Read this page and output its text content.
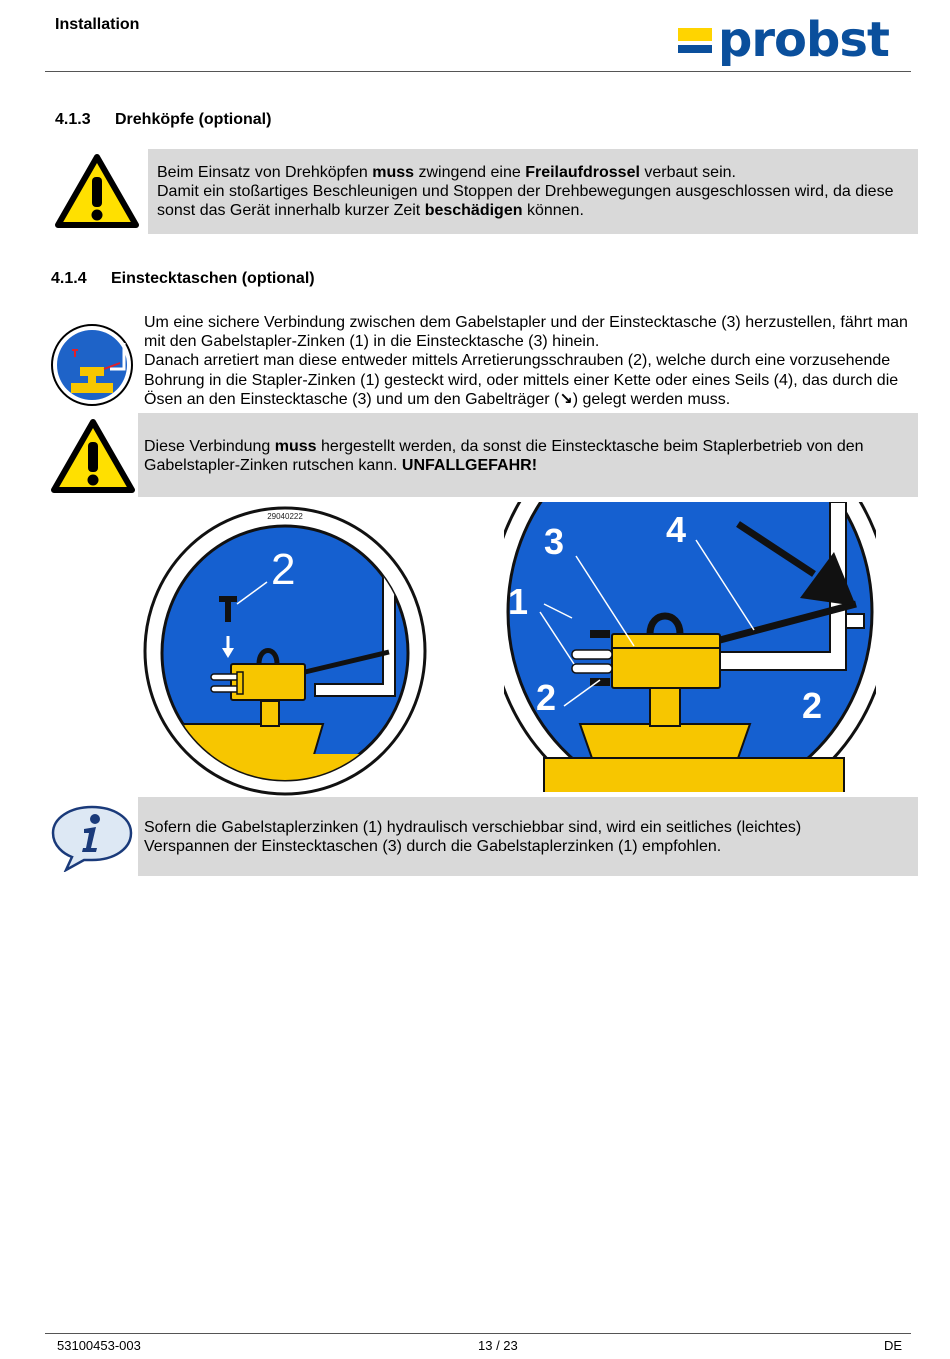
Installation	probst
4.1.3 Drehköpfe (optional)
Beim Einsatz von Drehköpfen muss zwingend eine Freilaufdrossel verbaut sein.
Damit ein stoßartiges Beschleunigen und Stoppen der Drehbewegungen ausgeschlossen wird, da diese sonst das Gerät innerhalb kurzer Zeit beschädigen können.
4.1.4 Einstecktaschen (optional)
Um eine sichere Verbindung zwischen dem Gabelstapler und der Einstecktasche (3) herzustellen, fährt man mit den Gabelstapler-Zinken (1) in die Einstecktasche (3) hinein.
Danach arretiert man diese entweder mittels Arretierungsschrauben (2), welche durch eine vorzusehende Bohrung in die Stapler-Zinken (1) gesteckt wird, oder mittels einer Kette oder eines Seils (4), das durch die Ösen an den Einstecktasche (3) und um den Gabelträger (↘) gelegt werden muss.
Diese Verbindung muss hergestellt werden, da sonst die Einstecktasche beim Staplerbetrieb von den Gabelstapler-Zinken rutschen kann. UNFALLGEFAHR!
29040222
2
3	4
1
2	2
Sofern die Gabelstaplerzinken (1) hydraulisch verschiebbar sind, wird ein seitliches (leichtes) Verspannen der Einstecktaschen (3) durch die Gabelstaplerzinken (1) empfohlen.
53100453-003	13 / 23	DE
